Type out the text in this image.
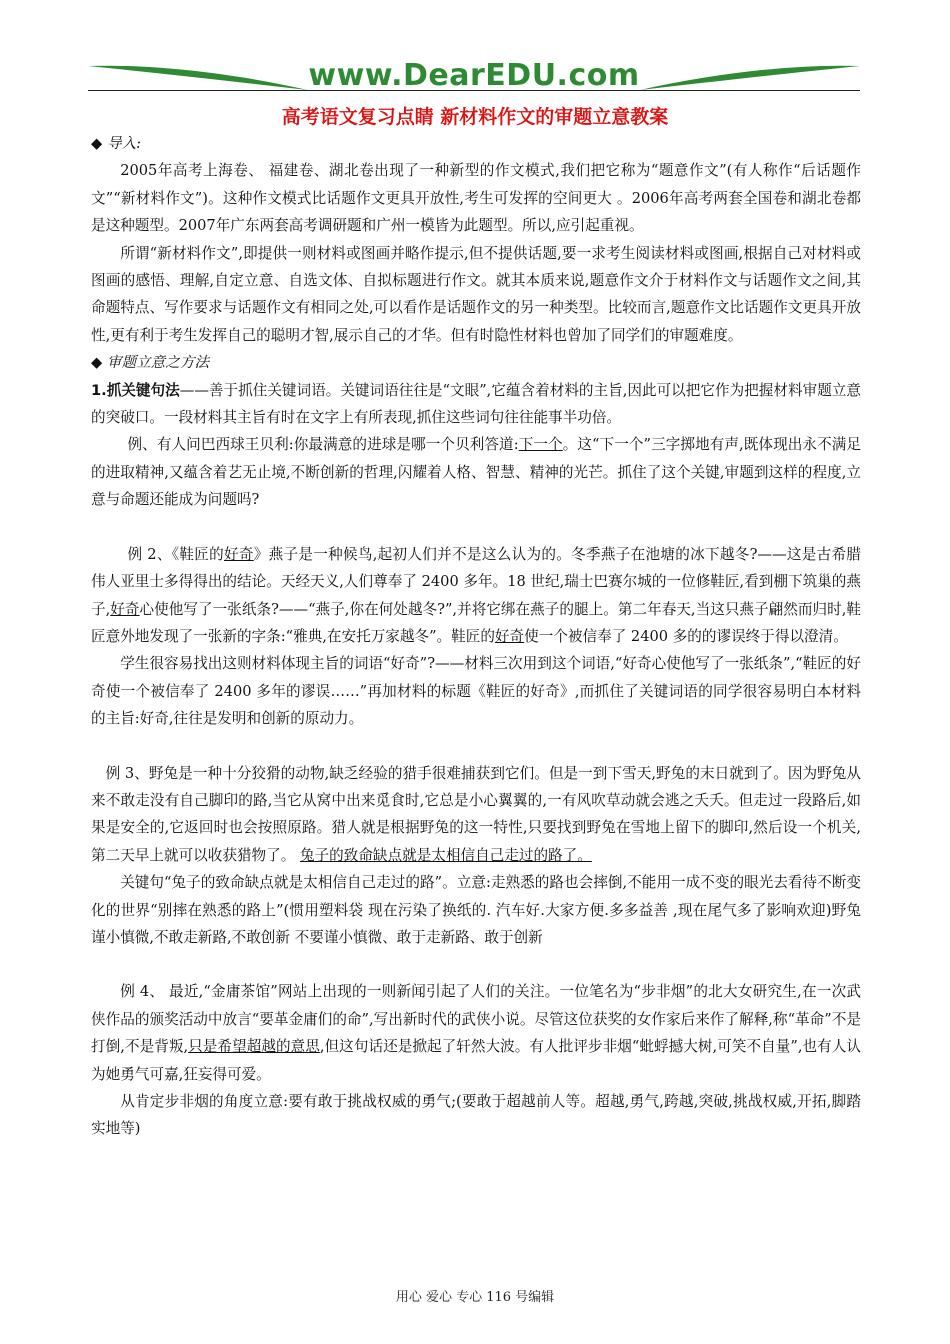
www.DearEDU.com
高考语文复习点睛 新材料作文的审题立意教案

◆ 导入:

2005年高考上海卷、 福建卷、湖北卷出现了一种新型的作文模式,我们把它称为“题意作文”(有人称作“后话题作文”“新材料作文”)。这种作文模式比话题作文更具开放性,考生可发挥的空间更大 。2006年高考两套全国卷和湖北卷都是这种题型。2007年广东两套高考调研题和广州一模皆为此题型。所以,应引起重视。

所谓“新材料作文”,即提供一则材料或图画并略作提示,但不提供话题,要一求考生阅读材料或图画,根据自己对材料或图画的感悟、理解,自定立意、自选文体、自拟标题进行作文。就其本质来说,题意作文介于材料作文与话题作文之间,其命题特点、写作要求与话题作文有相同之处,可以看作是话题作文的另一种类型。比较而言,题意作文比话题作文更具开放性,更有利于考生发挥自己的聪明才智,展示自己的才华。但有时隐性材料也曾加了同学们的审题难度。

◆ 审题立意之方法

1.抓关键句法——善于抓住关键词语。关键词语往往是“文眼”,它蕴含着材料的主旨,因此可以把它作为把握材料审题立意的突破口。一段材料其主旨有时在文字上有所表现,抓住这些词句往往能事半功倍。

例、有人问巴西球王贝利:你最满意的进球是哪一个贝利答道:下一个。这“下一个”三字掷地有声,既体现出永不满足的进取精神,又蕴含着艺无止境,不断创新的哲理,闪耀着人格、智慧、精神的光芒。抓住了这个关键,审题到这样的程度,立意与命题还能成为问题吗?

例 2、《鞋匠的好奇》燕子是一种候鸟,起初人们并不是这么认为的。冬季燕子在池塘的冰下越冬?——这是古希腊伟人亚里士多得得出的结论。天经天义,人们尊奉了 2400 多年。18 世纪,瑞士巴赛尔城的一位修鞋匠,看到棚下筑巢的燕子,好奇心使他写了一张纸条?——“燕子,你在何处越冬?”,并将它绑在燕子的腿上。第二年春天,当这只燕子翩然而归时,鞋匠意外地发现了一张新的字条:“雅典,在安托万家越冬”。鞋匠的好奇使一个被信奉了 2400 多的的谬误终于得以澄清。

学生很容易找出这则材料体现主旨的词语“好奇”?——材料三次用到这个词语,“好奇心使他写了一张纸条”,“鞋匠的好奇使一个被信奉了 2400 多年的谬误……”再加材料的标题《鞋匠的好奇》,而抓住了关键词语的同学很容易明白本材料的主旨:好奇,往往是发明和创新的原动力。

例 3、野兔是一种十分狡猾的动物,缺乏经验的猎手很难捕获到它们。但是一到下雪天,野兔的末日就到了。因为野兔从来不敢走没有自己脚印的路,当它从窝中出来觅食时,它总是小心翼翼的,一有风吹草动就会逃之夭夭。但走过一段路后,如果是安全的,它返回时也会按照原路。猎人就是根据野兔的这一特性,只要找到野兔在雪地上留下的脚印,然后设一个机关,第二天早上就可以收获猎物了。 兔子的致命缺点就是太相信自己走过的路了。

关键句“兔子的致命缺点就是太相信自己走过的路”。立意:走熟悉的路也会摔倒,不能用一成不变的眼光去看待不断变化的世界“别摔在熟悉的路上”(惯用塑料袋 现在污染了换纸的. 汽车好.大家方便.多多益善 ,现在尾气多了影响欢迎)野兔谨小慎微,不敢走新路,不敢创新 不要谨小慎微、敢于走新路、敢于创新

例 4、 最近,“金庸茶馆”网站上出现的一则新闻引起了人们的关注。一位笔名为“步非烟”的北大女研究生,在一次武侠作品的颁奖活动中放言“要革金庸们的命”,写出新时代的武侠小说。尽管这位获奖的女作家后来作了解释,称“革命”不是打倒,不是背叛,只是希望超越的意思,但这句话还是掀起了轩然大波。有人批评步非烟“蚍蜉撼大树,可笑不自量”,也有人认为她勇气可嘉,狂妄得可爱。

从肯定步非烟的角度立意:要有敢于挑战权威的勇气;(要敢于超越前人等。超越,勇气,跨越,突破,挑战权威,开拓,脚踏实地等)

用心 爱心 专心 116 号编辑
